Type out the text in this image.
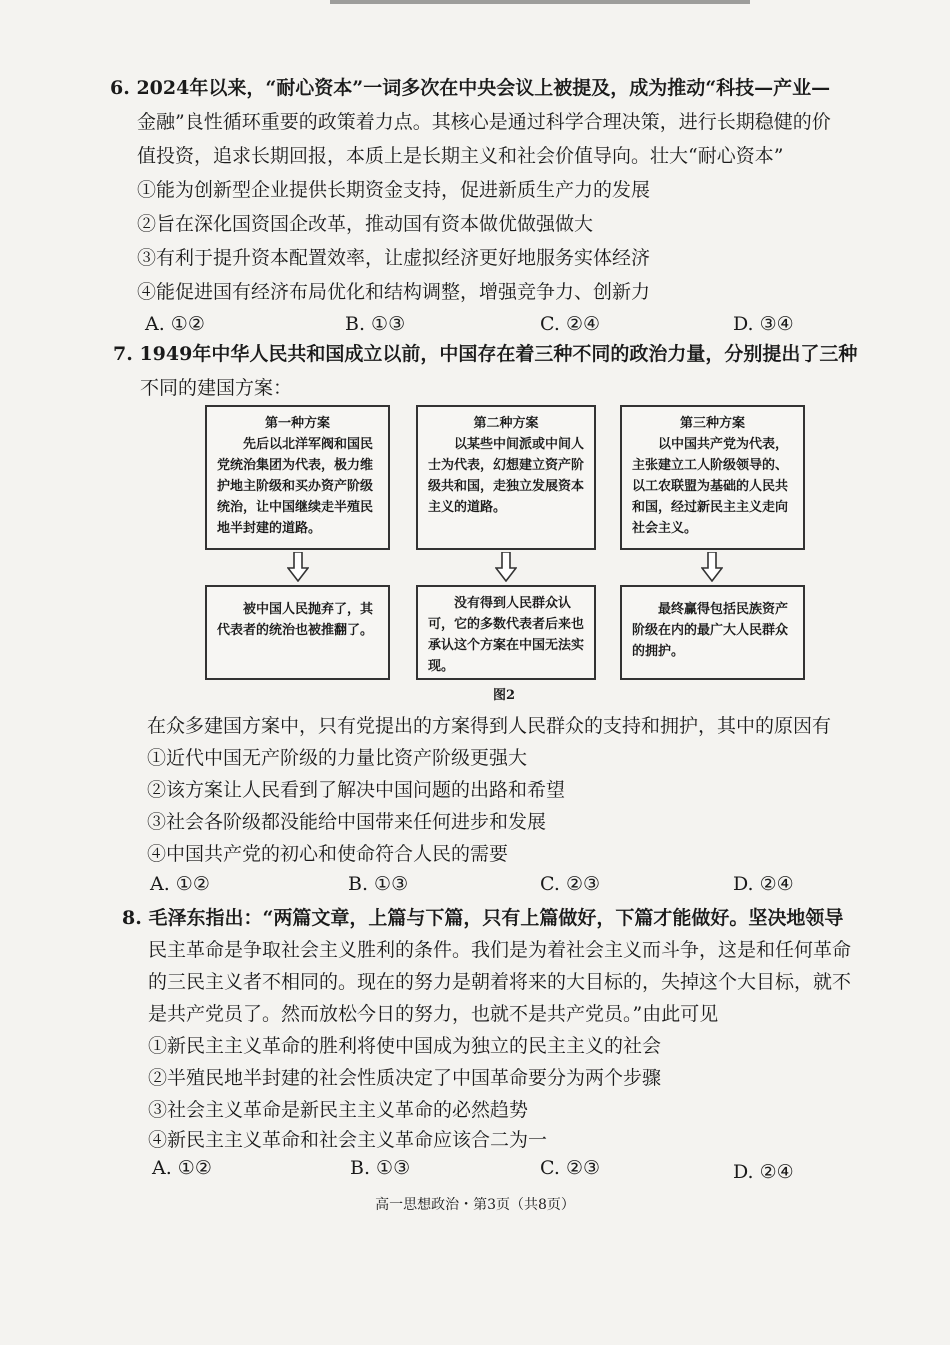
6. 2024年以来，“耐心资本”一词多次在中央会议上被提及，成为推动“科技—产业—
金融”良性循环重要的政策着力点。其核心是通过科学合理决策，进行长期稳健的价
值投资，追求长期回报，本质上是长期主义和社会价值导向。壮大“耐心资本”
①能为创新型企业提供长期资金支持，促进新质生产力的发展
②旨在深化国资国企改革，推动国有资本做优做强做大
③有利于提升资本配置效率，让虚拟经济更好地服务实体经济
④能促进国有经济布局优化和结构调整，增强竞争力、创新力
A. ①②	B. ①③	C. ②④	D. ③④
7. 1949年中华人民共和国成立以前，中国存在着三种不同的政治力量，分别提出了三种
不同的建国方案：
第一种方案
先后以北洋军阀和国民党统治集团为代表，极力维护地主阶级和买办资产阶级统治，让中国继续走半殖民地半封建的道路。
第二种方案
以某些中间派或中间人士为代表，幻想建立资产阶级共和国，走独立发展资本主义的道路。
第三种方案
以中国共产党为代表，主张建立工人阶级领导的、以工农联盟为基础的人民共和国，经过新民主主义走向社会主义。
被中国人民抛弃了，其代表者的统治也被推翻了。
没有得到人民群众认可，它的多数代表者后来也承认这个方案在中国无法实现。
最终赢得包括民族资产阶级在内的最广大人民群众的拥护。
图2
在众多建国方案中，只有党提出的方案得到人民群众的支持和拥护，其中的原因有
①近代中国无产阶级的力量比资产阶级更强大
②该方案让人民看到了解决中国问题的出路和希望
③社会各阶级都没能给中国带来任何进步和发展
④中国共产党的初心和使命符合人民的需要
A. ①②	B. ①③	C. ②③	D. ②④
8. 毛泽东指出：“两篇文章，上篇与下篇，只有上篇做好，下篇才能做好。坚决地领导
民主革命是争取社会主义胜利的条件。我们是为着社会主义而斗争，这是和任何革命
的三民主义者不相同的。现在的努力是朝着将来的大目标的，失掉这个大目标，就不
是共产党员了。然而放松今日的努力，也就不是共产党员。”由此可见
①新民主主义革命的胜利将使中国成为独立的民主主义的社会
②半殖民地半封建的社会性质决定了中国革命要分为两个步骤
③社会主义革命是新民主主义革命的必然趋势
④新民主主义革命和社会主义革命应该合二为一
A. ①②	B. ①③	C. ②③	D. ②④
高一思想政治・第3页（共8页）
